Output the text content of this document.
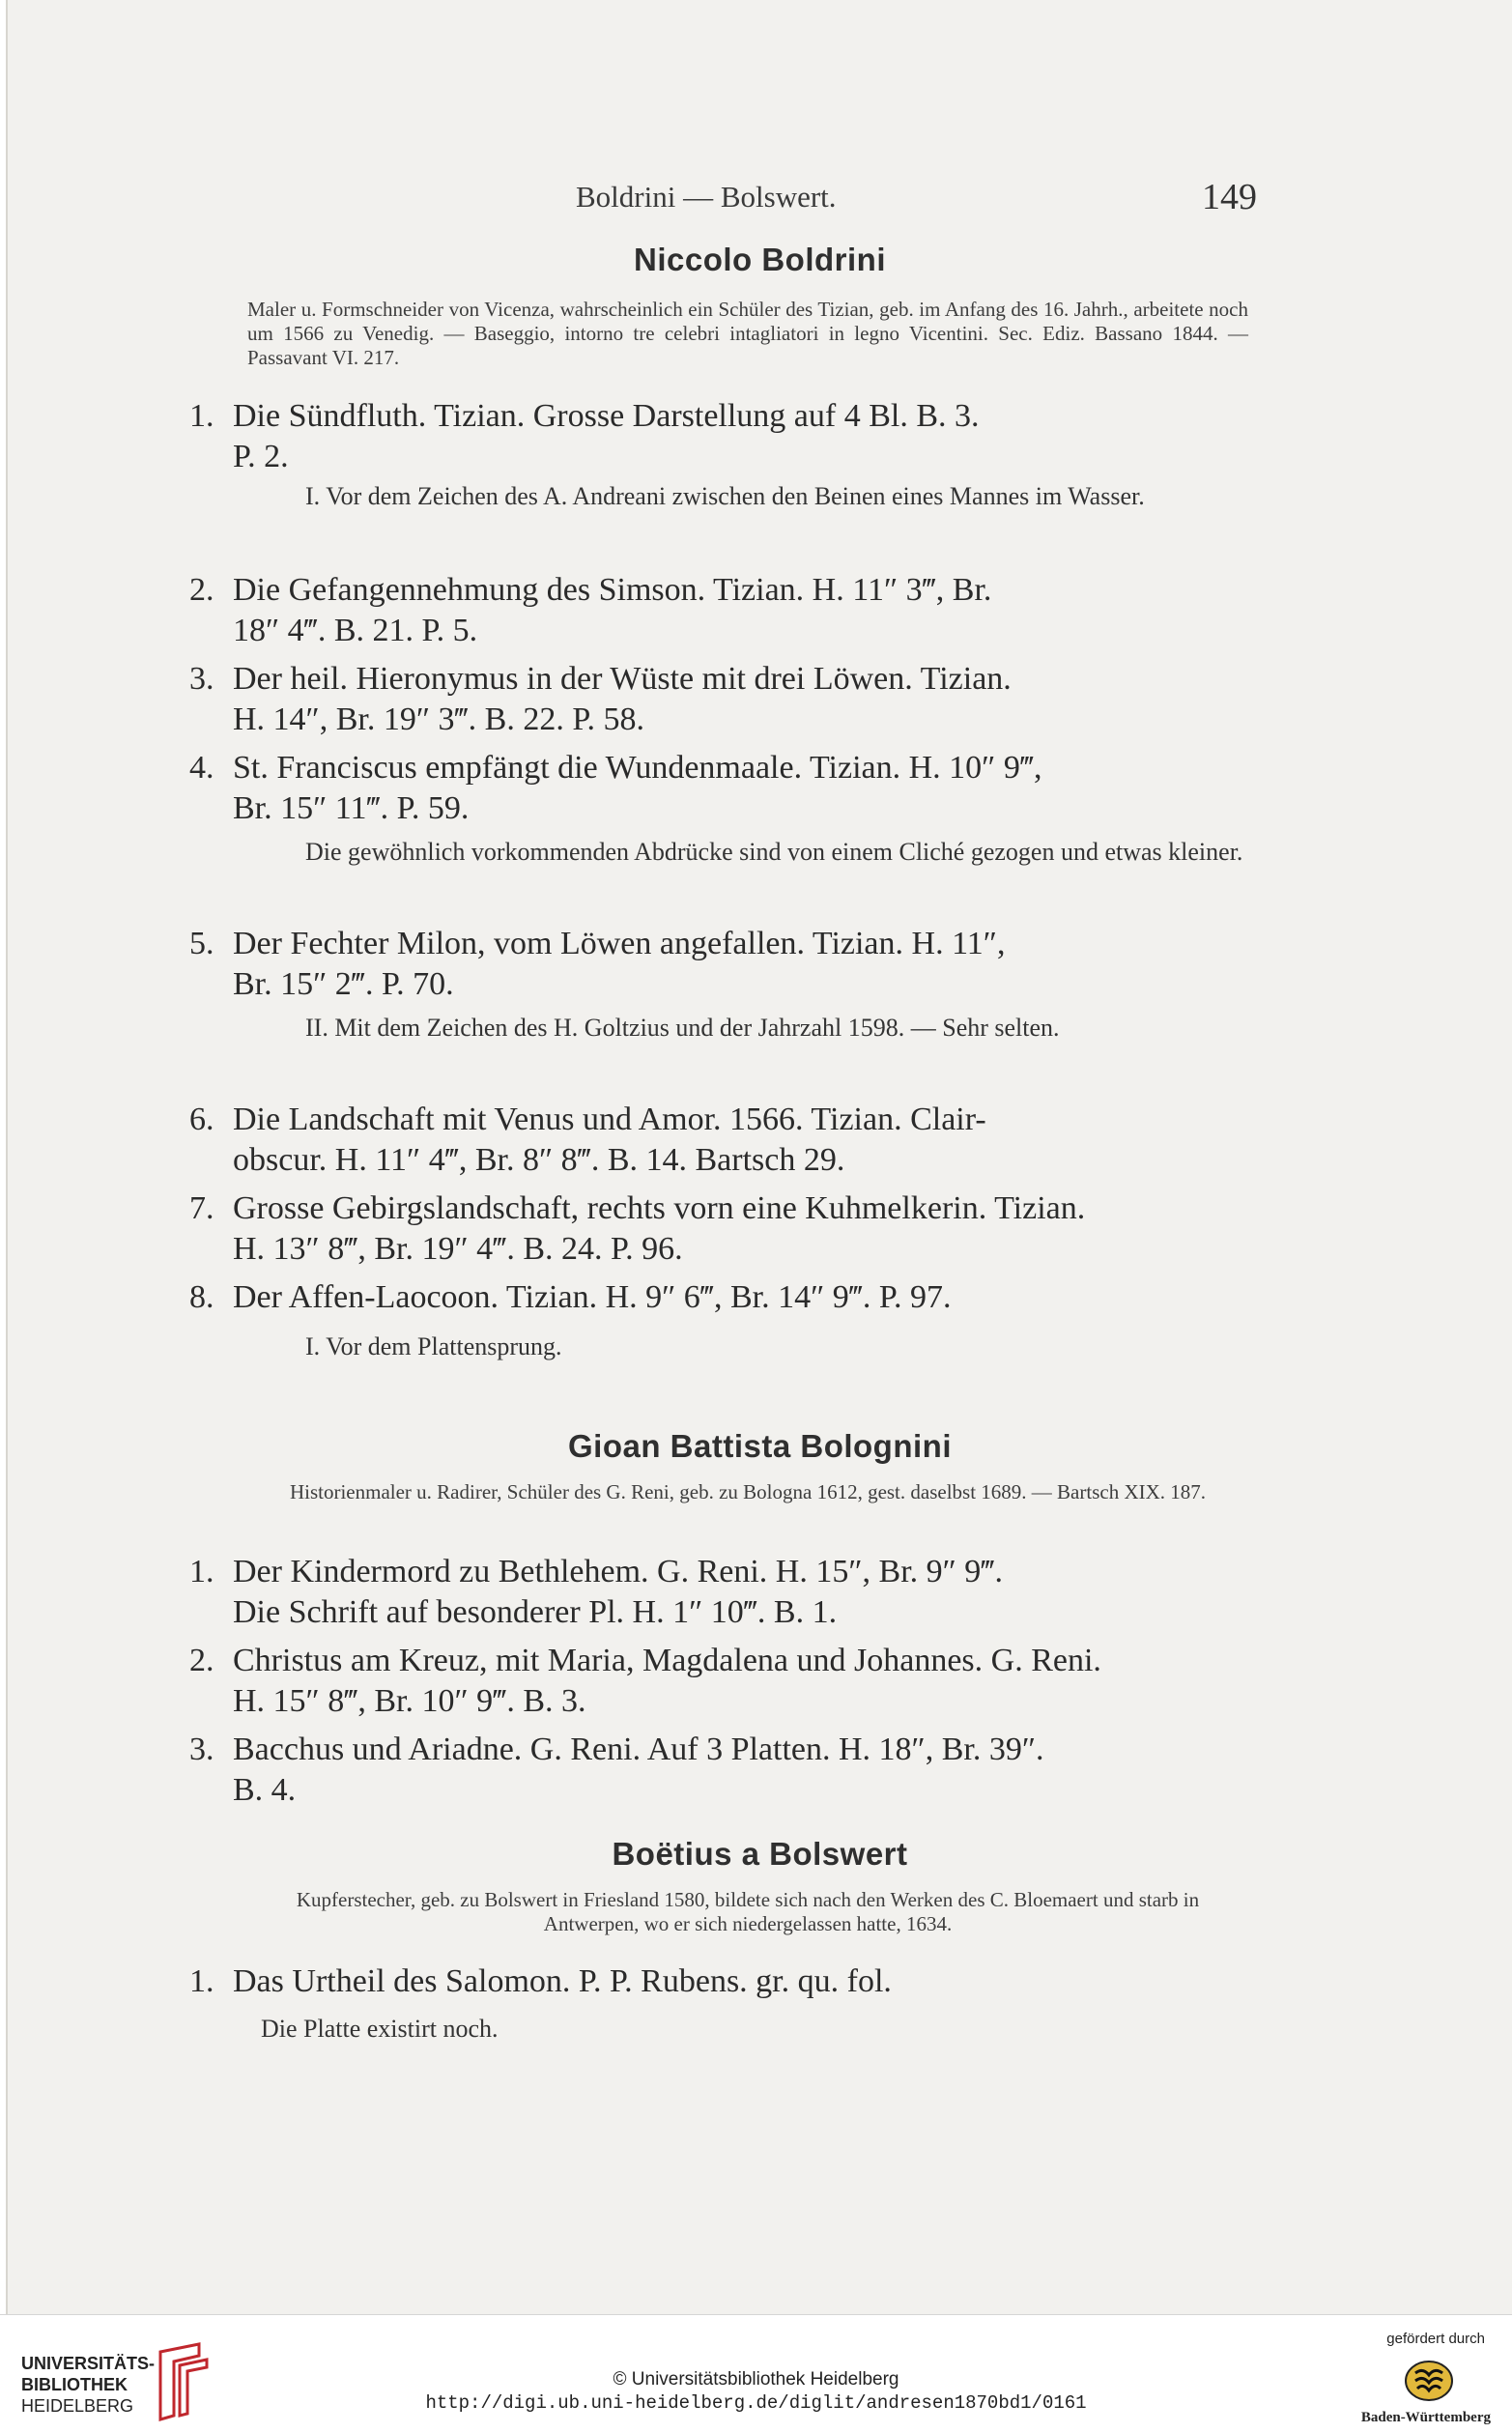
Boldrini — Bolswert.	149
Niccolo Boldrini
Maler u. Formschneider von Vicenza, wahrscheinlich ein Schüler des Tizian, geb. im Anfang des 16. Jahrh., arbeitete noch um 1566 zu Venedig. — Baseggio, intorno tre celebri intagliatori in legno Vicentini. Sec. Ediz. Bassano 1844. — Passavant VI. 217.
1. Die Sündfluth. Tizian. Grosse Darstellung auf 4 Bl. B. 3.
P. 2.
I. Vor dem Zeichen des A. Andreani zwischen den Beinen eines Mannes im Wasser.
2. Die Gefangennehmung des Simson. Tizian. H. 11″ 3‴, Br.
18″ 4‴. B. 21. P. 5.
3. Der heil. Hieronymus in der Wüste mit drei Löwen. Tizian.
H. 14″, Br. 19″ 3‴. B. 22. P. 58.
4. St. Franciscus empfängt die Wundenmaale. Tizian. H. 10″ 9‴,
Br. 15″ 11‴. P. 59.
Die gewöhnlich vorkommenden Abdrücke sind von einem Cliché gezogen und etwas kleiner.
5. Der Fechter Milon, vom Löwen angefallen. Tizian. H. 11″,
Br. 15″ 2‴. P. 70.
II. Mit dem Zeichen des H. Goltzius und der Jahrzahl 1598. — Sehr selten.
6. Die Landschaft mit Venus und Amor. 1566. Tizian. Clair-
obscur. H. 11″ 4‴, Br. 8″ 8‴. B. 14. Bartsch 29.
7. Grosse Gebirgslandschaft, rechts vorn eine Kuhmelkerin. Tizian.
H. 13″ 8‴, Br. 19″ 4‴. B. 24. P. 96.
8. Der Affen-Laocoon. Tizian. H. 9″ 6‴, Br. 14″ 9‴. P. 97.
I. Vor dem Plattensprung.
Gioan Battista Bolognini
Historienmaler u. Radirer, Schüler des G. Reni, geb. zu Bologna 1612, gest. daselbst 1689. — Bartsch XIX. 187.
1. Der Kindermord zu Bethlehem. G. Reni. H. 15″, Br. 9″ 9‴.
Die Schrift auf besonderer Pl. H. 1″ 10‴. B. 1.
2. Christus am Kreuz, mit Maria, Magdalena und Johannes. G. Reni.
H. 15″ 8‴, Br. 10″ 9‴. B. 3.
3. Bacchus und Ariadne. G. Reni. Auf 3 Platten. H. 18″, Br. 39″.
B. 4.
Boëtius a Bolswert
Kupferstecher, geb. zu Bolswert in Friesland 1580, bildete sich nach den Werken des C. Bloemaert und starb in Antwerpen, wo er sich niedergelassen hatte, 1634.
1. Das Urtheil des Salomon. P. P. Rubens. gr. qu. fol.
Die Platte existirt noch.
UNIVERSITÄTS-
BIBLIOTHEK
HEIDELBERG
© Universitätsbibliothek Heidelberg
http://digi.ub.uni-heidelberg.de/diglit/andresen1870bd1/0161
gefördert durch
Baden-Württemberg
